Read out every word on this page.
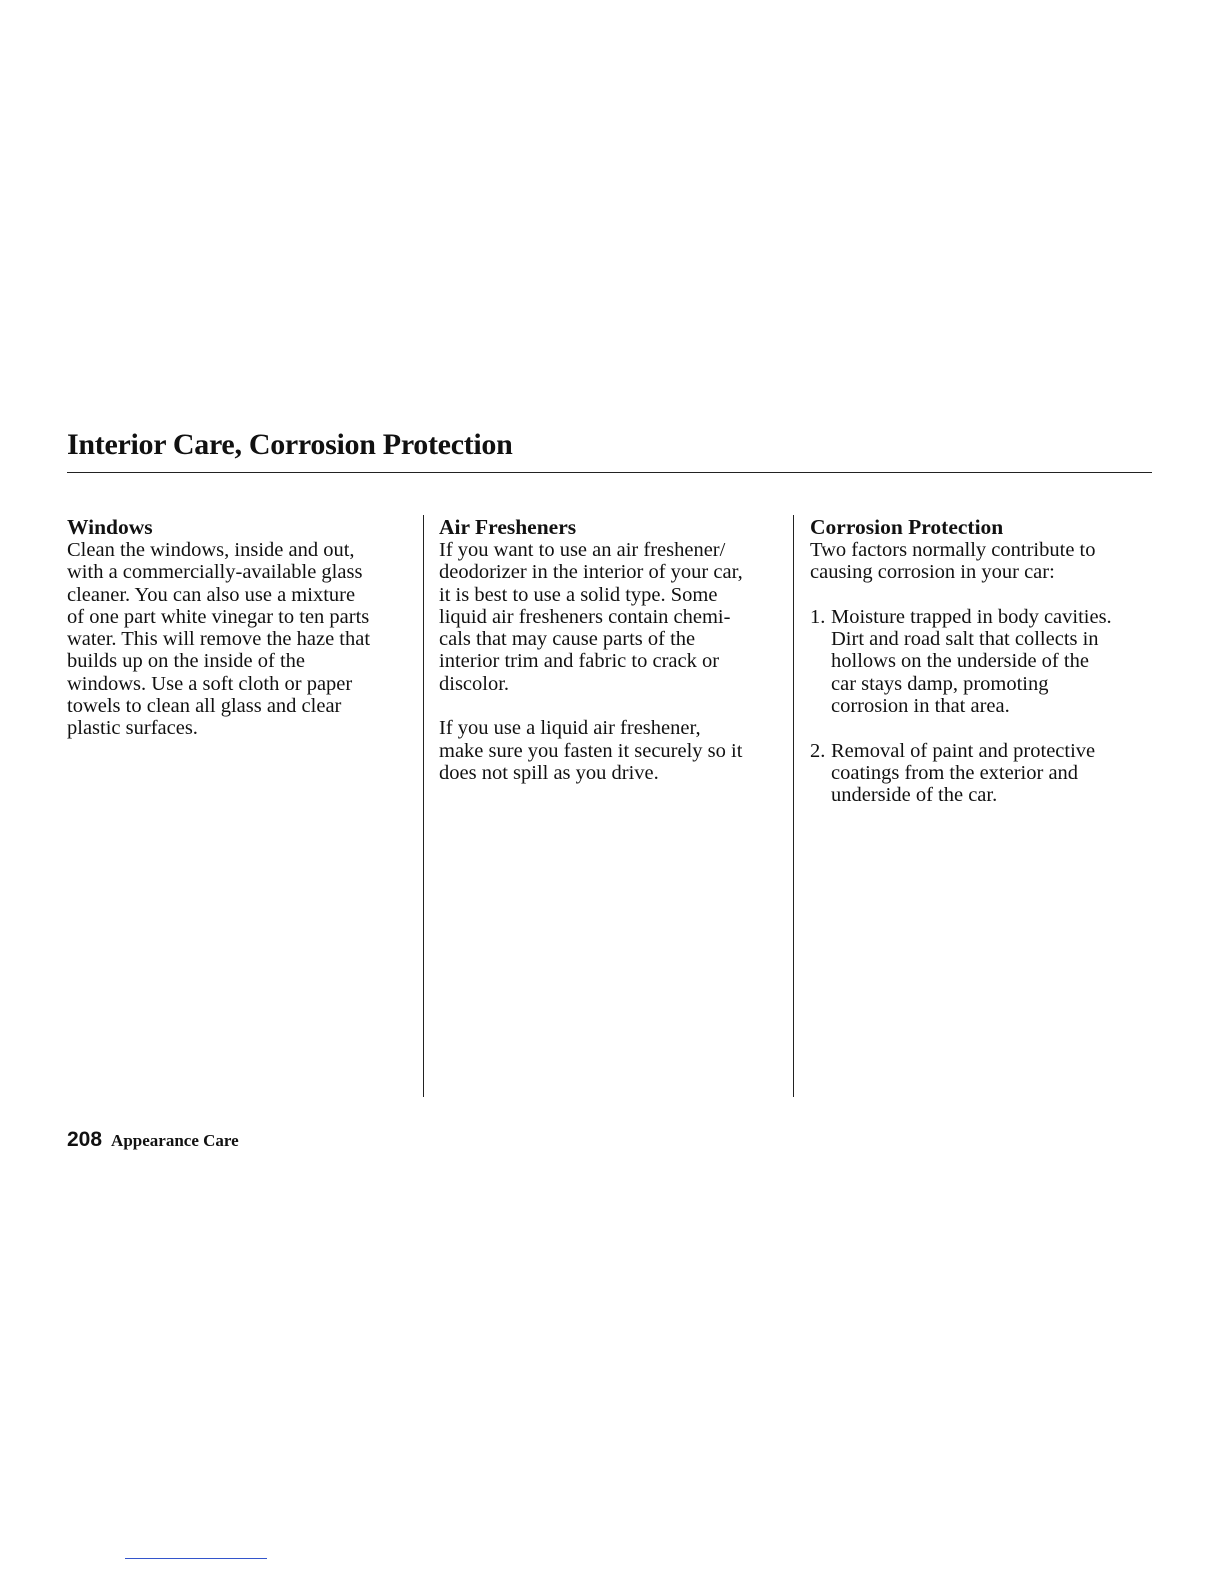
Interior Care, Corrosion Protection
Windows
Clean the windows, inside and out,
with a commercially-available glass
cleaner. You can also use a mixture
of one part white vinegar to ten parts
water. This will remove the haze that
builds up on the inside of the
windows. Use a soft cloth or paper
towels to clean all glass and clear
plastic surfaces.
Air Fresheners
If you want to use an air freshener/
deodorizer in the interior of your car,
it is best to use a solid type. Some
liquid air fresheners contain chemi-
cals that may cause parts of the
interior trim and fabric to crack or
discolor.
If you use a liquid air freshener,
make sure you fasten it securely so it
does not spill as you drive.
Corrosion Protection
Two factors normally contribute to
causing corrosion in your car:
1. Moisture trapped in body cavities.
Dirt and road salt that collects in
hollows on the underside of the
car stays damp, promoting
corrosion in that area.
2. Removal of paint and protective
coatings from the exterior and
underside of the car.
208 Appearance Care
